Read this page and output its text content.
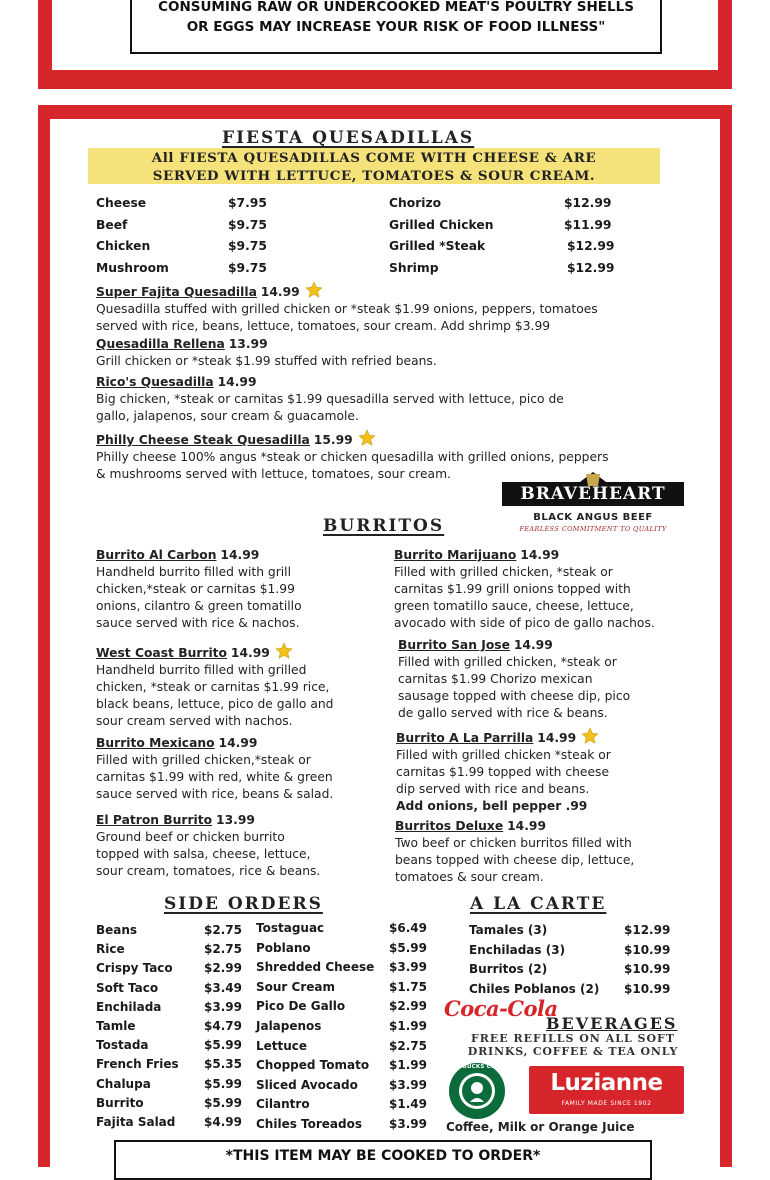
CONSUMING RAW OR UNDERCOOKED MEAT'S POULTRY SHELLS
OR EGGS MAY INCREASE YOUR RISK OF FOOD ILLNESS"
FIESTA QUESADILLAS
All FIESTA QUESADILLAS COME WITH CHEESE & ARE
SERVED WITH LETTUCE, TOMATOES & SOUR CREAM.
Cheese	$7.95
Beef	$9.75
Chicken	$9.75
Mushroom	$9.75
Chorizo	$12.99
Grilled Chicken	$11.99
Grilled *Steak	$12.99
Shrimp	$12.99
Super Fajita Quesadilla 14.99
Quesadilla stuffed with grilled chicken or *steak $1.99 onions, peppers, tomatoes
served with rice, beans, lettuce, tomatoes, sour cream. Add shrimp $3.99
Quesadilla Rellena 13.99
Grill chicken or *steak $1.99 stuffed with refried beans.
Rico's Quesadilla 14.99
Big chicken, *steak or carnitas $1.99 quesadilla served with lettuce, pico de
gallo, jalapenos, sour cream & guacamole.
Philly Cheese Steak Quesadilla 15.99
Philly cheese 100% angus *steak or chicken quesadilla with grilled onions, peppers
& mushrooms served with lettuce, tomatoes, sour cream.
BRAVEHEART
BLACK ANGUS BEEF
FEARLESS COMMITMENT TO QUALITY
BURRITOS
Burrito Al Carbon 14.99
Handheld burrito filled with grill
chicken,*steak or carnitas $1.99
onions, cilantro & green tomatillo
sauce served with rice & nachos.
West Coast Burrito 14.99
Handheld burrito filled with grilled
chicken, *steak or carnitas $1.99 rice,
black beans, lettuce, pico de gallo and
sour cream served with nachos.
Burrito Mexicano 14.99
Filled with grilled chicken,*steak or
carnitas $1.99 with red, white & green
sauce served with rice, beans & salad.
El Patron Burrito 13.99
Ground beef or chicken burrito
topped with salsa, cheese, lettuce,
sour cream, tomatoes, rice & beans.
Burrito Marijuano 14.99
Filled with grilled chicken, *steak or
carnitas $1.99 grill onions topped with
green tomatillo sauce, cheese, lettuce,
avocado with side of pico de gallo nachos.
Burrito San Jose 14.99
Filled with grilled chicken, *steak or
carnitas $1.99 Chorizo mexican
sausage topped with cheese dip, pico
de gallo served with rice & beans.
Burrito A La Parrilla 14.99
Filled with grilled chicken *steak or
carnitas $1.99 topped with cheese
dip served with rice and beans.
Add onions, bell pepper .99
Burritos Deluxe 14.99
Two beef or chicken burritos filled with
beans topped with cheese dip, lettuce,
tomatoes & sour cream.
SIDE ORDERS	A LA CARTE
Beans	$2.75
Rice	$2.75
Crispy Taco	$2.99
Soft Taco	$3.49
Enchilada	$3.99
Tamle	$4.79
Tostada	$5.99
French Fries $5.35
Chalupa	$5.99
Burrito	$5.99
Fajita Salad $4.99
Tostaguac	$6.49
Poblano	$5.99
Shredded Cheese $3.99
Sour Cream	$1.75
Pico De Gallo	$2.99
Jalapenos	$1.99
Lettuce	$2.75
Chopped Tomato $1.99
Sliced Avocado	$3.99
Cilantro	$1.49
Chiles Toreados $3.99
Tamales (3)	$12.99
Enchiladas (3)	$10.99
Burritos (2)	$10.99
Chiles Poblanos (2) $10.99
Coca-Cola
BEVERAGES
FREE REFILLS ON ALL SOFT
DRINKS, COFFEE & TEA ONLY
STARBUCKS COFFEE
Luzianne
FAMILY MADE SINCE 1902
Coffee, Milk or Orange Juice
*THIS ITEM MAY BE COOKED TO ORDER*
